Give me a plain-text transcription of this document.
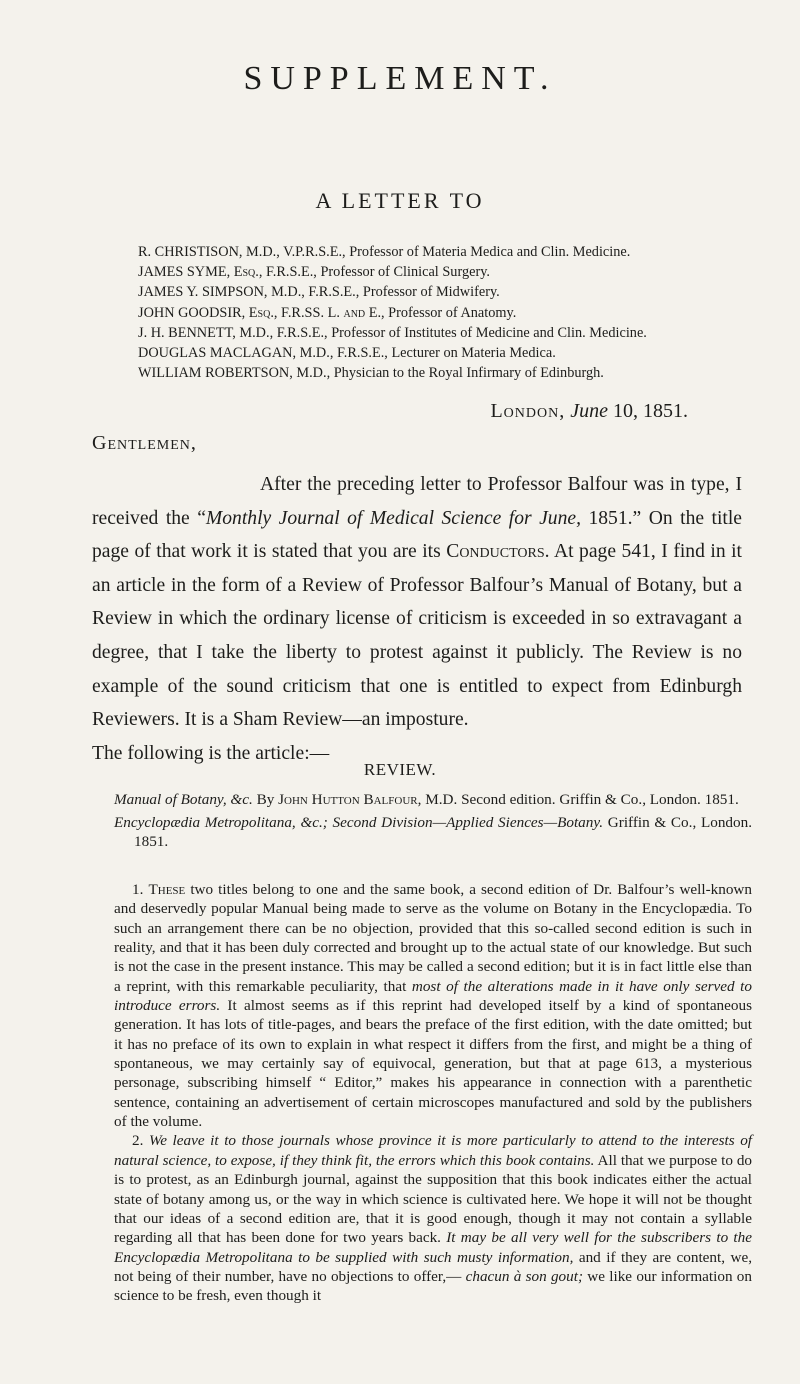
SUPPLEMENT.
A LETTER TO
R. CHRISTISON, M.D., V.P.R.S.E., Professor of Materia Medica and Clin. Medicine.
JAMES SYME, Esq., F.R.S.E., Professor of Clinical Surgery.
JAMES Y. SIMPSON, M.D., F.R.S.E., Professor of Midwifery.
JOHN GOODSIR, Esq., F.R.SS. L. and E., Professor of Anatomy.
J. H. BENNETT, M.D., F.R.S.E., Professor of Institutes of Medicine and Clin. Medicine.
DOUGLAS MACLAGAN, M.D., F.R.S.E., Lecturer on Materia Medica.
WILLIAM ROBERTSON, M.D., Physician to the Royal Infirmary of Edinburgh.
London, June 10, 1851.
Gentlemen,

After the preceding letter to Professor Balfour was in type, I received the “Monthly Journal of Medical Science for June, 1851.” On the title page of that work it is stated that you are its Conductors. At page 541, I find in it an article in the form of a Review of Professor Balfour’s Manual of Botany, but a Review in which the ordinary license of criticism is exceeded in so extravagant a degree, that I take the liberty to protest against it publicly. The Review is no example of the sound criticism that one is entitled to expect from Edinburgh Reviewers. It is a Sham Review—an imposture.

The following is the article:—

REVIEW.

Manual of Botany, &c. By John Hutton Balfour, M.D. Second edition. Griffin & Co., London. 1851.

Encyclopædia Metropolitana, &c.; Second Division—Applied Siences—Botany. Griffin & Co., London. 1851.

1. These two titles belong to one and the same book, a second edition of Dr. Balfour’s well-known and deservedly popular Manual being made to serve as the volume on Botany in the Encyclopædia. To such an arrangement there can be no objection, provided that this so-called second edition is such in reality, and that it has been duly corrected and brought up to the actual state of our knowledge. But such is not the case in the present instance. This may be called a second edition; but it is in fact little else than a reprint, with this remarkable peculiarity, that most of the alterations made in it have only served to introduce errors. It almost seems as if this reprint had developed itself by a kind of spontaneous generation. It has lots of title-pages, and bears the preface of the first edition, with the date omitted; but it has no preface of its own to explain in what respect it differs from the first, and might be a thing of spontaneous, we may certainly say of equivocal, generation, but that at page 613, a mysterious personage, subscribing himself “ Editor,” makes his appearance in connection with a parenthetic sentence, containing an advertisement of certain microscopes manufactured and sold by the publishers of the volume.

2. We leave it to those journals whose province it is more particularly to attend to the interests of natural science, to expose, if they think fit, the errors which this book contains. All that we purpose to do is to protest, as an Edinburgh journal, against the supposition that this book indicates either the actual state of botany among us, or the way in which science is cultivated here. We hope it will not be thought that our ideas of a second edition are, that it is good enough, though it may not contain a syllable regarding all that has been done for two years back. It may be all very well for the subscribers to the Encyclopædia Metropolitana to be supplied with such musty information, and if they are content, we, not being of their number, have no objections to offer,— chacun à son gout; we like our information on science to be fresh, even though it
